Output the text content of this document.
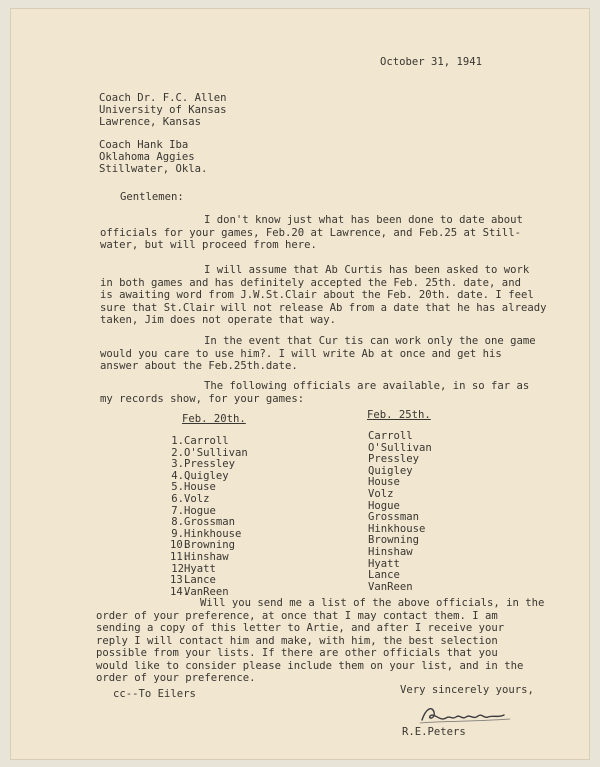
October 31, 1941
Coach Dr. F.C. Allen
University of Kansas
Lawrence, Kansas
Coach Hank Iba
Oklahoma Aggies
Stillwater, Okla.
Gentlemen:
I don't know just what has been done to date about
officials for your games, Feb.20 at Lawrence, and Feb.25 at Still-
water, but will proceed from here.
I will assume that Ab Curtis has been asked to work
in both games and has definitely accepted the Feb. 25th. date, and
is awaiting word from J.W.St.Clair about the Feb. 20th. date. I feel
sure that St.Clair will not release Ab from a date that he has already
taken, Jim does not operate that way.
In the event that Cur tis can work only the one game
would you care to use him?. I will write Ab at once and get his
answer about the Feb.25th.date.
The following officials are available, in so far as
my records show, for your games:
Feb. 20th.	Feb. 25th.
1.Carroll
2.O'Sullivan
3.Pressley
4.Quigley
5.House
6.Volz
7.Hogue
8.Grossman
9.Hinkhouse
10.Browning
11.Hinshaw
12Hyatt
13.Lance
14.VanReen
Carroll
O'Sullivan
Pressley
Quigley
House
Volz
Hogue
Grossman
Hinkhouse
Browning
Hinshaw
Hyatt
Lance
VanReen
Will you send me a list of the above officials, in the
order of your preference, at once that I may contact them. I am
sending a copy of this letter to Artie, and after I receive your
reply I will contact him and make, with him, the best selection
possible from your lists. If there are other officials that you
would like to consider please include them on your list, and in the
order of your preference.
cc--To Eilers	Very sincerely yours,
R.E.Peters
